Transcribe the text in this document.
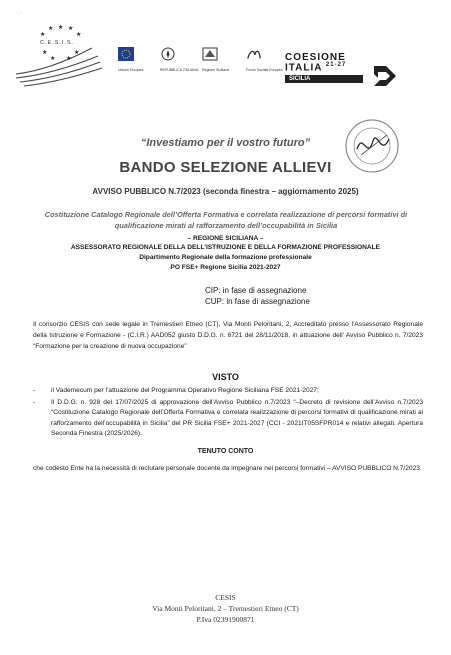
★ ★ ★
★	★
★	★
★ ★
· , ·
C.E.S.I.S.
Unione Europea	REPUBBLICA ITALIANA Regione Siciliana	Fondo Sociale Europeo
COESIONE
ITALIA $^{21-27}$
SICILIA
“Investiamo per il vostro futuro”
BANDO SELEZIONE ALLIEVI
AVVISO PUBBLICO N.7/2023 (seconda finestra – aggiornamento 2025)
Costituzione Catalogo Regionale dell’Offerta Formativa e correlata realizzazione di percorsi formativi di qualificazione mirati al rafforzamento dell’occupabilità in Sicilia
– REGIONE SICILIANA –
ASSESSORATO REGIONALE DELLA DELL’ISTRUZIONE E DELLA FORMAZIONE PROFESSIONALE
Dipartimento Regionale della formazione professionale
PO FSE+ Regione Sicilia 2021-2027
CIP: in fase di assegnazione
CUP: in fase di assegnazione
Il consorzio CESIS con sede legale in Tremestieri Etneo (CT), Via Monti Peloritani, 2, Accreditato presso l’Assessorato Regionale della Istruzione e Formazione - (C.I.R.) AAD052 giusto D.D.G. n. 6721 del 28/11/2018, in attuazione dell’ Avviso Pubblico n. 7/2023 “Formazione per la creazione di nuova occupazione”
VISTO
- il Vademecum per l’attuazione del Programma Operativo Regione Siciliana FSE 2021-2027;
- Il D.D.G. n. 928 del 17/07/2025 di approvazione dell’Avviso Pubblico n.7/2023 “–Decreto di revisione dell’Avviso n.7/2023 “Costituzione Catalogo Regionale dell’Offerta Formativa e correlata realizzazione di percorsi formativi di qualificazione mirati al rafforzamento dell’occupabilità in Sicilia” del PR Sicilia FSE+ 2021-2027 (CCI - 2021IT05SFPR014 e relativi allegati. Apertura Seconda Finestra (2025/2026).
TENUTO CONTO
che codesto Ente ha la necessità di reclutare personale docente da impegnare nei percorsi formativi – AVVISO PUBBLICO N.7/2023.
CESIS
Via Monti Peloritani, 2 – Tremestieri Etneo (CT)
P.Iva 02391900871
